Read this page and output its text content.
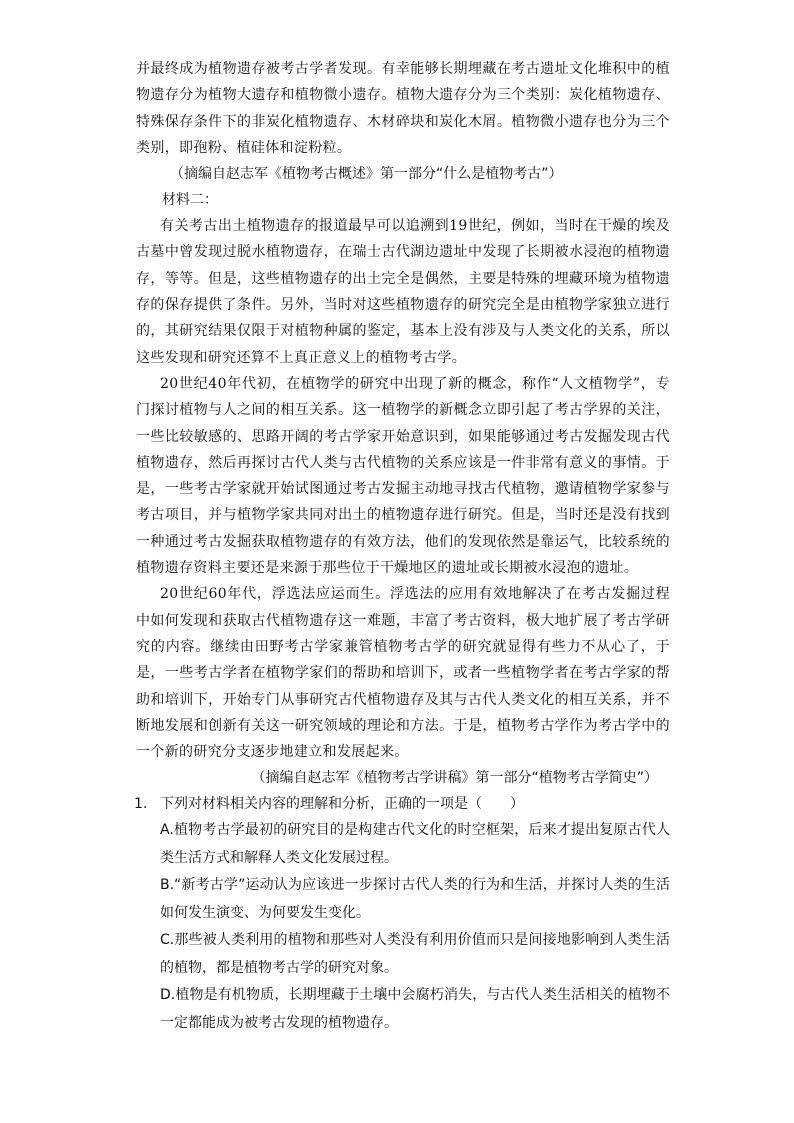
并最终成为植物遗存被考古学者发现。有幸能够长期埋藏在考古遗址文化堆积中的植物遗存分为植物大遗存和植物微小遗存。植物大遗存分为三个类别：炭化植物遗存、特殊保存条件下的非炭化植物遗存、木材碎块和炭化木屑。植物微小遗存也分为三个类别，即孢粉、植硅体和淀粉粒。

（摘编自赵志军《植物考古概述》第一部分“什么是植物考古”）

材料二：

有关考古出土植物遗存的报道最早可以追溯到19世纪，例如，当时在干燥的埃及古墓中曾发现过脱水植物遗存，在瑞士古代湖边遗址中发现了长期被水浸泡的植物遗存，等等。但是，这些植物遗存的出土完全是偶然，主要是特殊的埋藏环境为植物遗存的保存提供了条件。另外，当时对这些植物遗存的研究完全是由植物学家独立进行的，其研究结果仅限于对植物种属的鉴定，基本上没有涉及与人类文化的关系，所以这些发现和研究还算不上真正意义上的植物考古学。

20世纪40年代初，在植物学的研究中出现了新的概念，称作“人文植物学”，专门探讨植物与人之间的相互关系。这一植物学的新概念立即引起了考古学界的关注，一些比较敏感的、思路开阔的考古学家开始意识到，如果能够通过考古发掘发现古代植物遗存，然后再探讨古代人类与古代植物的关系应该是一件非常有意义的事情。于是，一些考古学家就开始试图通过考古发掘主动地寻找古代植物，邀请植物学家参与考古项目，并与植物学家共同对出土的植物遗存进行研究。但是，当时还是没有找到一种通过考古发掘获取植物遗存的有效方法，他们的发现依然是靠运气，比较系统的植物遗存资料主要还是来源于那些位于干燥地区的遗址或长期被水浸泡的遗址。

20世纪60年代，浮选法应运而生。浮选法的应用有效地解决了在考古发掘过程中如何发现和获取古代植物遗存这一难题，丰富了考古资料，极大地扩展了考古学研究的内容。继续由田野考古学家兼管植物考古学的研究就显得有些力不从心了，于是，一些考古学者在植物学家们的帮助和培训下，或者一些植物学者在考古学家的帮助和培训下，开始专门从事研究古代植物遗存及其与古代人类文化的相互关系，并不断地发展和创新有关这一研究领域的理论和方法。于是，植物考古学作为考古学中的一个新的研究分支逐步地建立和发展起来。

（摘编自赵志军《植物考古学讲稿》第一部分“植物考古学简史”）

1. 下列对材料相关内容的理解和分析，正确的一项是（　　）

A.植物考古学最初的研究目的是构建古代文化的时空框架，后来才提出复原古代人类生活方式和解释人类文化发展过程。

B.“新考古学”运动认为应该进一步探讨古代人类的行为和生活，并探讨人类的生活如何发生演变、为何要发生变化。

C.那些被人类利用的植物和那些对人类没有利用价值而只是间接地影响到人类生活的植物，都是植物考古学的研究对象。

D.植物是有机物质，长期埋藏于土壤中会腐朽消失，与古代人类生活相关的植物不一定都能成为被考古发现的植物遗存。
